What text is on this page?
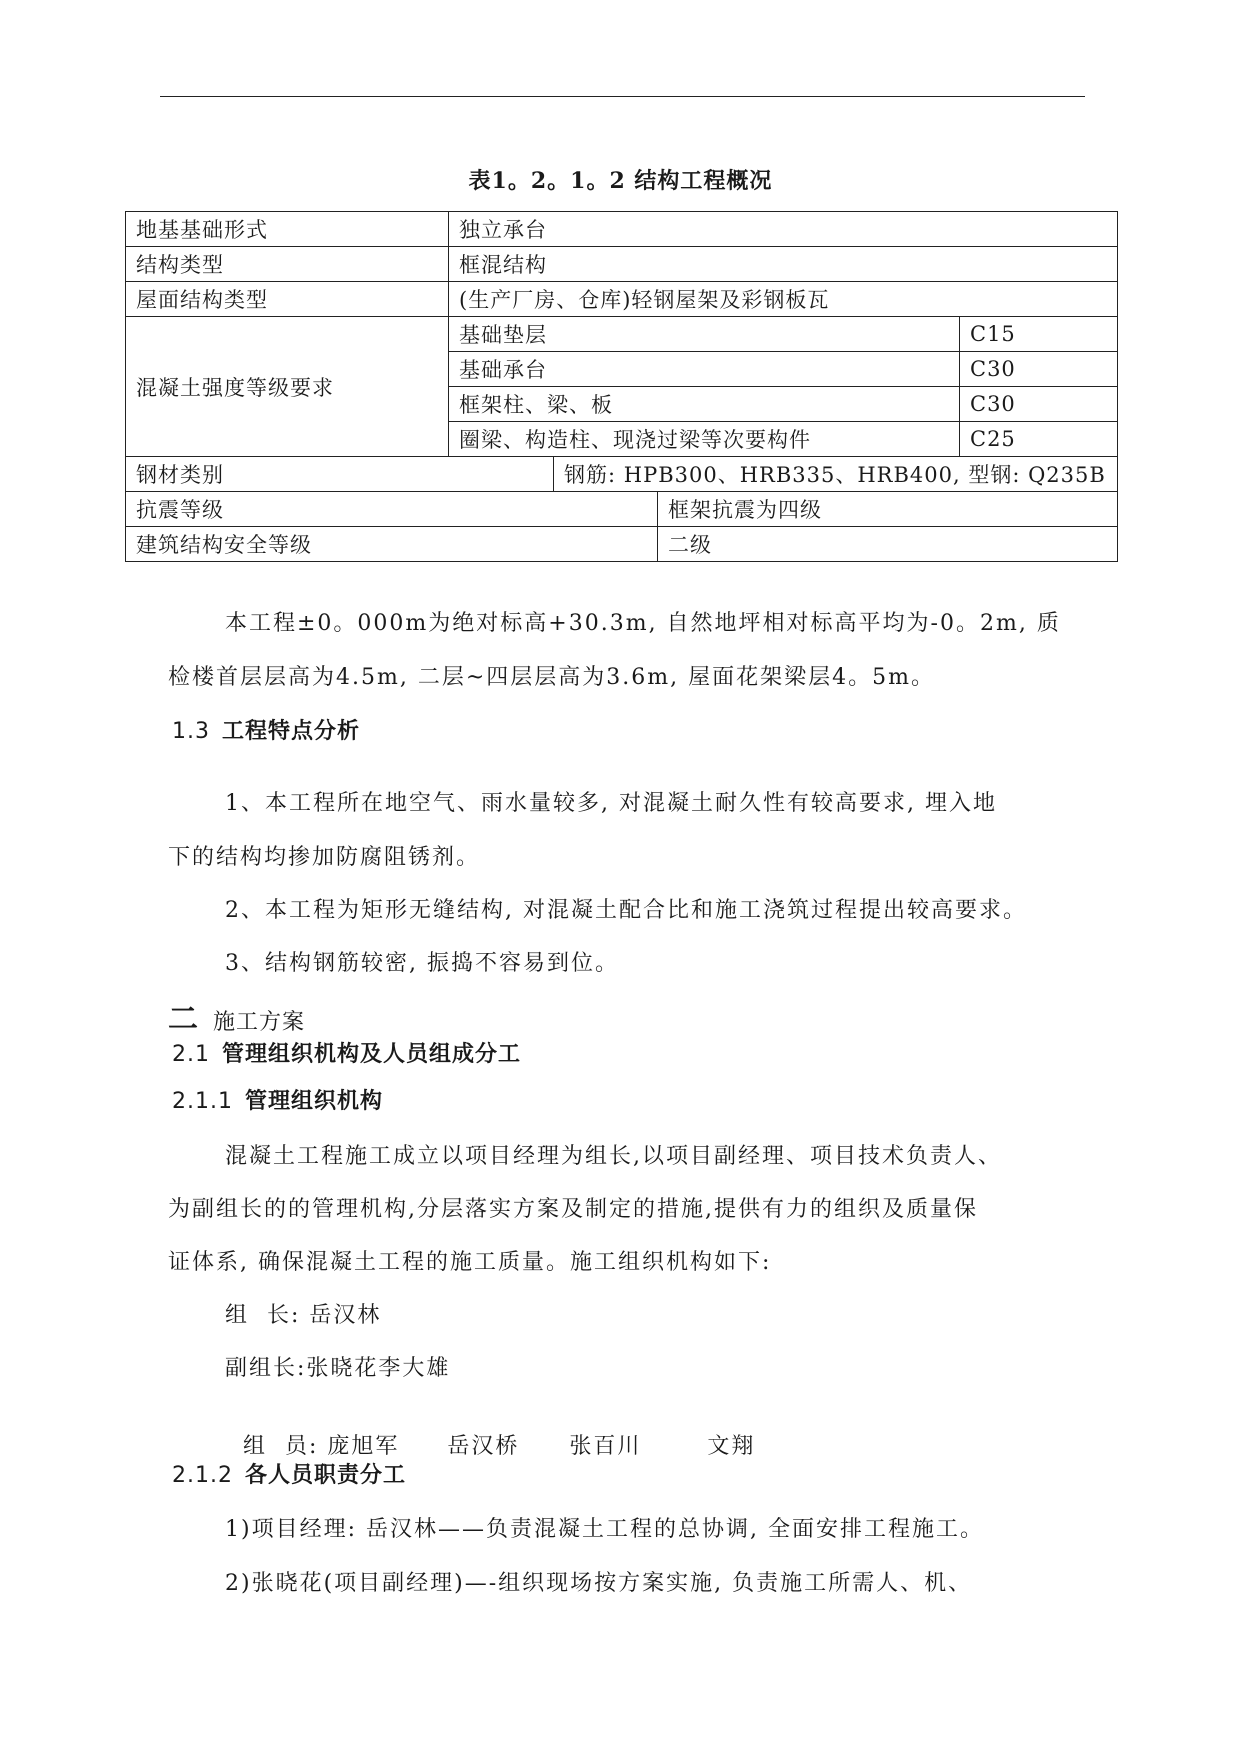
表1。2。1。2 结构工程概况
地基基础形式	独立承台			
结构类型	框混结构			
屋面结构类型	(生产厂房、仓库)轻钢屋架及彩钢板瓦			
混凝土强度等级要求	基础垫层			C15
	基础承台			C30
	框架柱、梁、板			C30
	圈梁、构造柱、现浇过梁等次要构件			C25
钢材类别		钢筋: HPB300、HRB335、HRB400, 型钢: Q235B		
抗震等级			框架抗震为四级	
建筑结构安全等级			二级	
本工程±0。000m为绝对标高+30.3m, 自然地坪相对标高平均为-0。2m, 质
检楼首层层高为4.5m, 二层~四层层高为3.6m, 屋面花架梁层4。5m。
1.3 工程特点分析
1、本工程所在地空气、雨水量较多, 对混凝土耐久性有较高要求, 埋入地
下的结构均掺加防腐阻锈剂。
2、本工程为矩形无缝结构, 对混凝土配合比和施工浇筑过程提出较高要求。
3、结构钢筋较密, 振捣不容易到位。
二 施工方案
2.1 管理组织机构及人员组成分工
2.1.1 管理组织机构
混凝土工程施工成立以项目经理为组长,以项目副经理、项目技术负责人、
为副组长的的管理机构,分层落实方案及制定的措施,提供有力的组织及质量保
证体系, 确保混凝土工程的施工质量。施工组织机构如下:
组  长: 岳汉林
副组长:张晓花李大雄

组  员: 庞旭军 岳汉桥 张百川	文翔

2.1.2 各人员职责分工
1)项目经理: 岳汉林——负责混凝土工程的总协调, 全面安排工程施工。
2)张晓花(项目副经理)—-组织现场按方案实施, 负责施工所需人、机、
